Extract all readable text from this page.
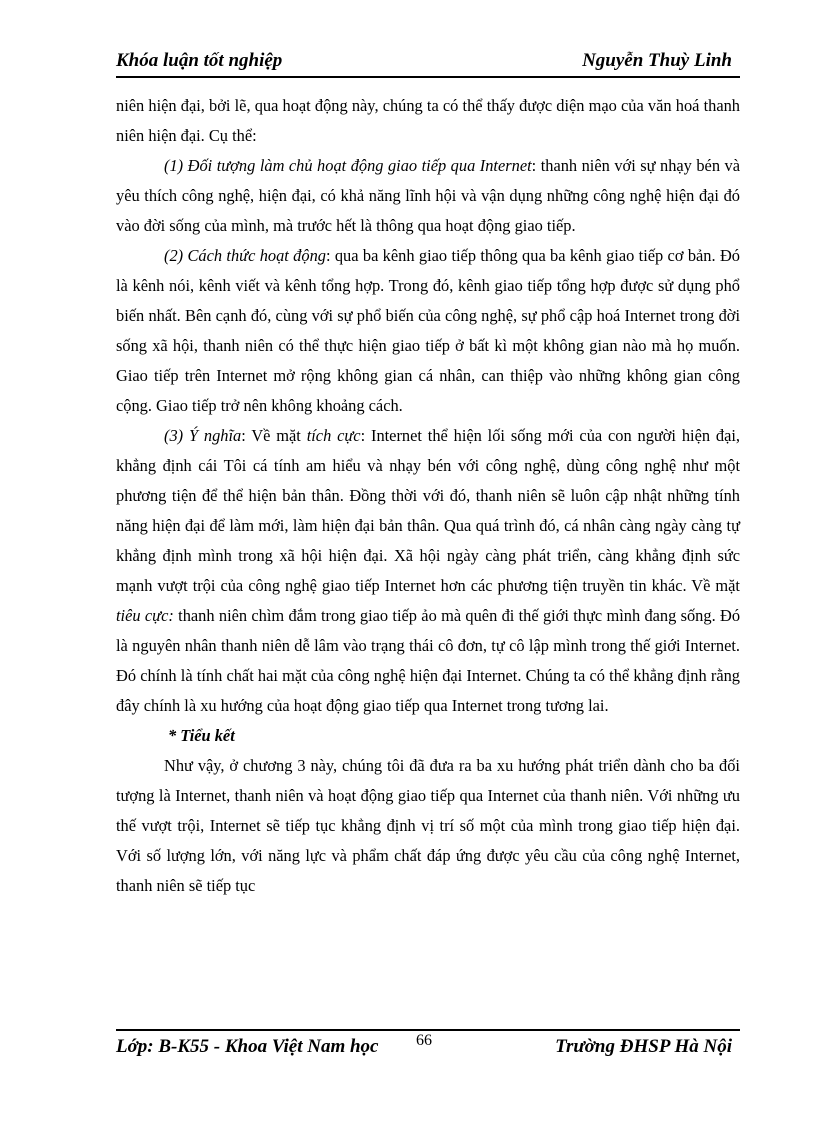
Khóa luận tốt nghiệp	Nguyễn Thuỳ Linh

niên hiện đại, bởi lẽ, qua hoạt động này, chúng ta có thể thấy được diện mạo của văn hoá thanh niên hiện đại. Cụ thể:

(1) Đối tượng làm chủ hoạt động giao tiếp qua Internet: thanh niên với sự nhạy bén và yêu thích công nghệ, hiện đại, có khả năng lĩnh hội và vận dụng những công nghệ hiện đại đó vào đời sống của mình, mà trước hết là thông qua hoạt động giao tiếp.

(2) Cách thức hoạt động: qua ba kênh giao tiếp thông qua ba kênh giao tiếp cơ bản. Đó là kênh nói, kênh viết và kênh tổng hợp. Trong đó, kênh giao tiếp tổng hợp được sử dụng phổ biến nhất. Bên cạnh đó, cùng với sự phổ biến của công nghệ, sự phổ cập hoá Internet trong đời sống xã hội, thanh niên có thể thực hiện giao tiếp ở bất kì một không gian nào mà họ muốn. Giao tiếp trên Internet mở rộng không gian cá nhân, can thiệp vào những không gian công cộng. Giao tiếp trở nên không khoảng cách.

(3) Ý nghĩa: Về mặt tích cực: Internet thể hiện lối sống mới của con người hiện đại, khẳng định cái Tôi cá tính am hiểu và nhạy bén với công nghệ, dùng công nghệ như một phương tiện để thể hiện bản thân. Đồng thời với đó, thanh niên sẽ luôn cập nhật những tính năng hiện đại để làm mới, làm hiện đại bản thân. Qua quá trình đó, cá nhân càng ngày càng tự khẳng định mình trong xã hội hiện đại. Xã hội ngày càng phát triển, càng khẳng định sức mạnh vượt trội của công nghệ giao tiếp Internet hơn các phương tiện truyền tin khác. Về mặt tiêu cực: thanh niên chìm đắm trong giao tiếp ảo mà quên đi thế giới thực mình đang sống. Đó là nguyên nhân thanh niên dễ lâm vào trạng thái cô đơn, tự cô lập mình trong thế giới Internet. Đó chính là tính chất hai mặt của công nghệ hiện đại Internet. Chúng ta có thể khẳng định rằng đây chính là xu hướng của hoạt động giao tiếp qua Internet trong tương lai.

* Tiểu kết

Như vậy, ở chương 3 này, chúng tôi đã đưa ra ba xu hướng phát triển dành cho ba đối tượng là Internet, thanh niên và hoạt động giao tiếp qua Internet của thanh niên. Với những ưu thế vượt trội, Internet sẽ tiếp tục khẳng định vị trí số một của mình trong giao tiếp hiện đại. Với số lượng lớn, với năng lực và phẩm chất đáp ứng được yêu cầu của công nghệ Internet, thanh niên sẽ tiếp tục

Lớp: B-K55 - Khoa Việt Nam học 66	Trường ĐHSP Hà Nội
